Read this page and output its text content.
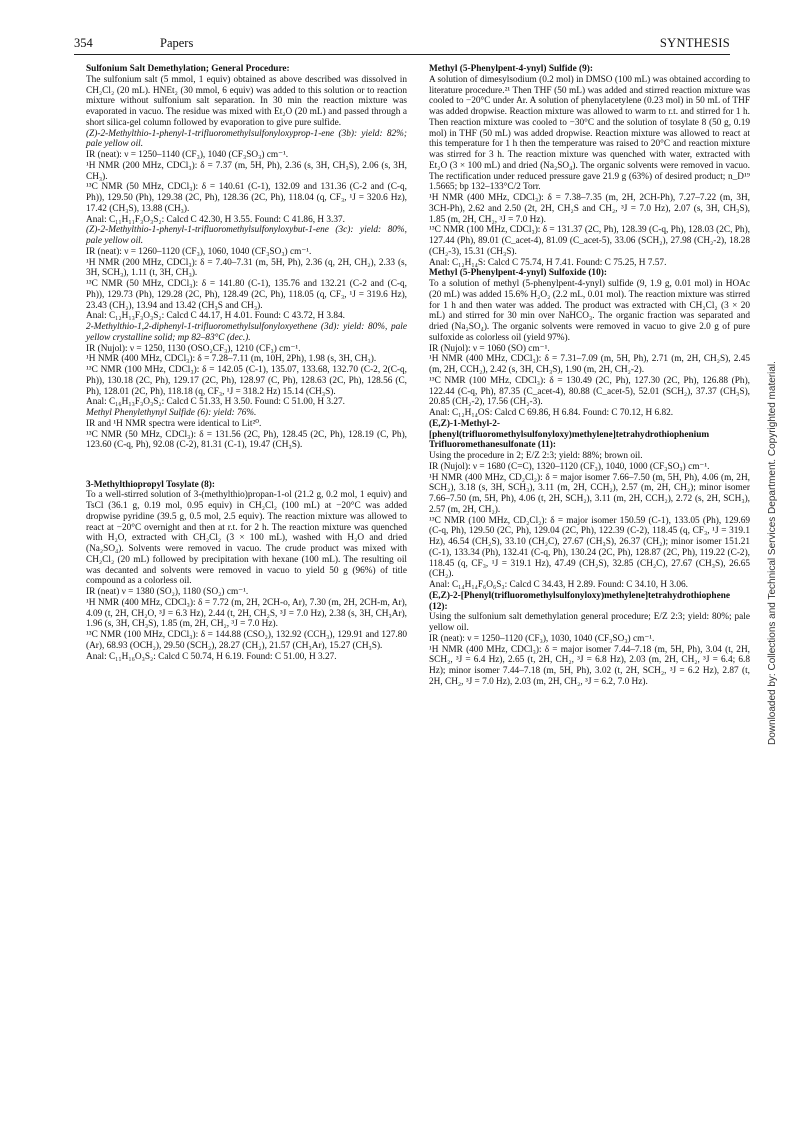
354	Papers	SYNTHESIS

Sulfonium Salt Demethylation; General Procedure:

The sulfonium salt (5 mmol, 1 equiv) obtained as above described was dissolved in CH₂Cl₂ (20 mL). HNEt₂ (30 mmol, 6 equiv) was added to this solution or to reaction mixture without sulfonium salt separation. In 30 min the reaction mixture was evaporated in vacuo. The residue was mixed with Et₂O (20 mL) and passed through a short silica-gel column followed by evaporation to give pure sulfide.

(Z)-2-Methylthio-1-phenyl-1-trifluoromethylsulfonyloxyprop-1-ene (3b): yield: 82%; pale yellow oil.

IR (neat): ν = 1250–1140 (CF₃), 1040 (CF₃SO₃) cm⁻¹.

¹H NMR (200 MHz, CDCl₃): δ = 7.37 (m, 5H, Ph), 2.36 (s, 3H, CH₃S), 2.06 (s, 3H, CH₃).

¹³C NMR (50 MHz, CDCl₃): δ = 140.61 (C-1), 132.09 and 131.36 (C-2 and (C-q, Ph)), 129.50 (Ph), 129.38 (2C, Ph), 128.36 (2C, Ph), 118.04 (q, CF₃, ¹J = 320.6 Hz), 17.42 (CH₃S), 13.88 (CH₃).

Anal: C₁₁H₁₁F₃O₃S₂: Calcd C 42.30, H 3.55. Found: C 41.86, H 3.37.

(Z)-2-Methylthio-1-phenyl-1-trifluoromethylsulfonyloxybut-1-ene (3c): yield: 80%, pale yellow oil.

IR (neat): ν = 1260–1120 (CF₃), 1060, 1040 (CF₃SO₃) cm⁻¹.

¹H NMR (200 MHz, CDCl₃): δ = 7.40–7.31 (m, 5H, Ph), 2.36 (q, 2H, CH₂), 2.33 (s, 3H, SCH₃), 1.11 (t, 3H, CH₃).

¹³C NMR (50 MHz, CDCl₃): δ = 141.80 (C-1), 135.76 and 132.21 (C-2 and (C-q, Ph)), 129.73 (Ph), 129.28 (2C, Ph), 128.49 (2C, Ph), 118.05 (q, CF₃, ¹J = 319.6 Hz), 23.43 (CH₂), 13.94 and 13.42 (CH₃S and CH₃).

Anal: C₁₂H₁₃F₃O₃S₂: Calcd C 44.17, H 4.01. Found: C 43.72, H 3.84.

2-Methylthio-1,2-diphenyl-1-trifluoromethylsulfonyloxyethene (3d): yield: 80%, pale yellow crystalline solid; mp 82–83°C (dec.).

IR (Nujol): ν = 1250, 1130 (OSO₂CF₃), 1210 (CF₃) cm⁻¹.

¹H NMR (400 MHz, CDCl₃): δ = 7.28–7.11 (m, 10H, 2Ph), 1.98 (s, 3H, CH₃).

¹³C NMR (100 MHz, CDCl₃): δ = 142.05 (C-1), 135.07, 133.68, 132.70 (C-2, 2(C-q, Ph)), 130.18 (2C, Ph), 129.17 (2C, Ph), 128.97 (C, Ph), 128.63 (2C, Ph), 128.56 (C, Ph), 128.01 (2C, Ph), 118.18 (q, CF₃, ¹J = 318.2 Hz) 15.14 (CH₃S).

Anal: C₁₆H₁₃F₃O₃S₂: Calcd C 51.33, H 3.50. Found: C 51.00, H 3.27.

Methyl Phenylethynyl Sulfide (6): yield: 76%.

IR and ¹H NMR spectra were identical to Lit²⁰.

¹³C NMR (50 MHz, CDCl₃): δ = 131.56 (2C, Ph), 128.45 (2C, Ph), 128.19 (C, Ph), 123.60 (C-q, Ph), 92.08 (C-2), 81.31 (C-1), 19.47 (CH₃S).

3-Methylthiopropyl Tosylate (8):

To a well-stirred solution of 3-(methylthio)propan-1-ol (21.2 g, 0.2 mol, 1 equiv) and TsCl (36.1 g, 0.19 mol, 0.95 equiv) in CH₂Cl₂ (100 mL) at −20°C was added dropwise pyridine (39.5 g, 0.5 mol, 2.5 equiv). The reaction mixture was allowed to react at −20°C overnight and then at r.t. for 2 h. The reaction mixture was quenched with H₂O, extracted with CH₂Cl₂ (3 × 100 mL), washed with H₂O and dried (Na₂SO₄). Solvents were removed in vacuo. The crude product was mixed with CH₂Cl₂ (20 mL) followed by precipitation with hexane (100 mL). The resulting oil was decanted and solvents were removed in vacuo to yield 50 g (96%) of title compound as a colorless oil.

IR (neat) ν = 1380 (SO₂), 1180 (SO₂) cm⁻¹.

¹H NMR (400 MHz, CDCl₃): δ = 7.72 (m, 2H, 2CH-o, Ar), 7.30 (m, 2H, 2CH-m, Ar), 4.09 (t, 2H, CH₂O, ³J = 6.3 Hz), 2.44 (t, 2H, CH₂S, ³J = 7.0 Hz), 2.38 (s, 3H, CH₃Ar), 1.96 (s, 3H, CH₃S), 1.85 (m, 2H, CH₂, ³J = 7.0 Hz).

¹³C NMR (100 MHz, CDCl₃): δ = 144.88 (CSO₂), 132.92 (CCH₃), 129.91 and 127.80 (Ar), 68.93 (OCH₂), 29.50 (SCH₂), 28.27 (CH₂), 21.57 (CH₃Ar), 15.27 (CH₃S).

Anal: C₁₁H₁₆O₃S₂: Calcd C 50.74, H 6.19. Found: C 51.00, H 3.27.

Methyl (5-Phenylpent-4-ynyl) Sulfide (9):

A solution of dimesylsodium (0.2 mol) in DMSO (100 mL) was obtained according to literature procedure.²¹ Then THF (50 mL) was added and stirred reaction mixture was cooled to −20°C under Ar. A solution of phenylacetylene (0.23 mol) in 50 mL of THF was added dropwise. Reaction mixture was allowed to warm to r.t. and stirred for 1 h. Then reaction mixture was cooled to −30°C and the solution of tosylate 8 (50 g, 0.19 mol) in THF (50 mL) was added dropwise. Reaction mixture was allowed to react at this temperature for 1 h then the temperature was raised to 20°C and reaction mixture was stirred for 3 h. The reaction mixture was quenched with water, extracted with Et₂O (3 × 100 mL) and dried (Na₂SO₄). The organic solvents were removed in vacuo. The rectification under reduced pressure gave 21.9 g (63%) of desired product; n_D¹⁹ 1.5665; bp 132–133°C/2 Torr.

¹H NMR (400 MHz, CDCl₃): δ = 7.38–7.35 (m, 2H, 2CH-Ph), 7.27–7.22 (m, 3H, 3CH-Ph), 2.62 and 2.50 (2t, 2H, CH₂S and CH₂, ³J = 7.0 Hz), 2.07 (s, 3H, CH₃S), 1.85 (m, 2H, CH₂, ³J = 7.0 Hz).

¹³C NMR (100 MHz, CDCl₃): δ = 131.37 (2C, Ph), 128.39 (C-q, Ph), 128.03 (2C, Ph), 127.44 (Ph), 89.01 (C_acet-4), 81.09 (C_acet-5), 33.06 (SCH₂), 27.98 (CH₂-2), 18.28 (CH₂-3), 15.31 (CH₃S).

Anal: C₁₂H₁₄S: Calcd C 75.74, H 7.41. Found: C 75.25, H 7.57.

Methyl (5-Phenylpent-4-ynyl) Sulfoxide (10):

To a solution of methyl (5-phenylpent-4-ynyl) sulfide (9, 1.9 g, 0.01 mol) in HOAc (20 mL) was added 15.6% H₂O₂ (2.2 mL, 0.01 mol). The reaction mixture was stirred for 1 h and then water was added. The product was extracted with CH₂Cl₂ (3 × 20 mL) and stirred for 30 min over NaHCO₃. The organic fraction was separated and dried (Na₂SO₄). The organic solvents were removed in vacuo to give 2.0 g of pure sulfoxide as colorless oil (yield 97%).

IR (Nujol): ν = 1060 (SO) cm⁻¹.

¹H NMR (400 MHz, CDCl₃): δ = 7.31–7.09 (m, 5H, Ph), 2.71 (m, 2H, CH₂S), 2.45 (m, 2H, CCH₂), 2.42 (s, 3H, CH₃S), 1.90 (m, 2H, CH₂-2).

¹³C NMR (100 MHz, CDCl₃): δ = 130.49 (2C, Ph), 127.30 (2C, Ph), 126.88 (Ph), 122.44 (C-q, Ph), 87.35 (C_acet-4), 80.88 (C_acet-5), 52.01 (SCH₂), 37.37 (CH₃S), 20.85 (CH₂-2), 17.56 (CH₂-3).

Anal: C₁₂H₁₄OS: Calcd C 69.86, H 6.84. Found: C 70.12, H 6.82.

(E,Z)-1-Methyl-2-[phenyl(trifluoromethylsulfonyloxy)methylene]tetrahydrothiophenium Trifluoromethanesulfonate (11):

Using the procedure in 2; E/Z 2:3; yield: 88%; brown oil.

IR (Nujol): ν = 1680 (C=C), 1320–1120 (CF₃), 1040, 1000 (CF₃SO₃) cm⁻¹.

¹H NMR (400 MHz, CD₂Cl₂): δ = major isomer 7.66–7.50 (m, 5H, Ph), 4.06 (m, 2H, SCH₂), 3.18 (s, 3H, SCH₃), 3.11 (m, 2H, CCH₂), 2.57 (m, 2H, CH₂); minor isomer 7.66–7.50 (m, 5H, Ph), 4.06 (t, 2H, SCH₂), 3.11 (m, 2H, CCH₂), 2.72 (s, 2H, SCH₃), 2.57 (m, 2H, CH₂).

¹³C NMR (100 MHz, CD₂Cl₂): δ = major isomer 150.59 (C-1), 133.05 (Ph), 129.69 (C-q, Ph), 129.50 (2C, Ph), 129.04 (2C, Ph), 122.39 (C-2), 118.45 (q, CF₃, ¹J = 319.1 Hz), 46.54 (CH₂S), 33.10 (CH₂C), 27.67 (CH₃S), 26.37 (CH₂); minor isomer 151.21 (C-1), 133.34 (Ph), 132.41 (C-q, Ph), 130.24 (2C, Ph), 128.87 (2C, Ph), 119.22 (C-2), 118.45 (q, CF₃, ¹J = 319.1 Hz), 47.49 (CH₂S), 32.85 (CH₂C), 27.67 (CH₃S), 26.65 (CH₂).

Anal: C₁₄H₁₄F₆O₆S₃: Calcd C 34.43, H 2.89. Found: C 34.10, H 3.06.

(E,Z)-2-[Phenyl(trifluoromethylsulfonyloxy)methylene]tetrahydrothiophene (12):

Using the sulfonium salt demethylation general procedure; E/Z 2:3; yield: 80%; pale yellow oil.

IR (neat): ν = 1250–1120 (CF₃), 1030, 1040 (CF₃SO₃) cm⁻¹.

¹H NMR (400 MHz, CDCl₃): δ = major isomer 7.44–7.18 (m, 5H, Ph), 3.04 (t, 2H, SCH₂, ³J = 6.4 Hz), 2.65 (t, 2H, CH₂, ³J = 6.8 Hz), 2.03 (m, 2H, CH₂, ³J = 6.4; 6.8 Hz); minor isomer 7.44–7.18 (m, 5H, Ph), 3.02 (t, 2H, SCH₂, ³J = 6.2 Hz), 2.87 (t, 2H, CH₂, ³J = 7.0 Hz), 2.03 (m, 2H, CH₂, ³J = 6.2, 7.0 Hz).	Downloaded by: Collections and Technical Services Department. Copyrighted material.
